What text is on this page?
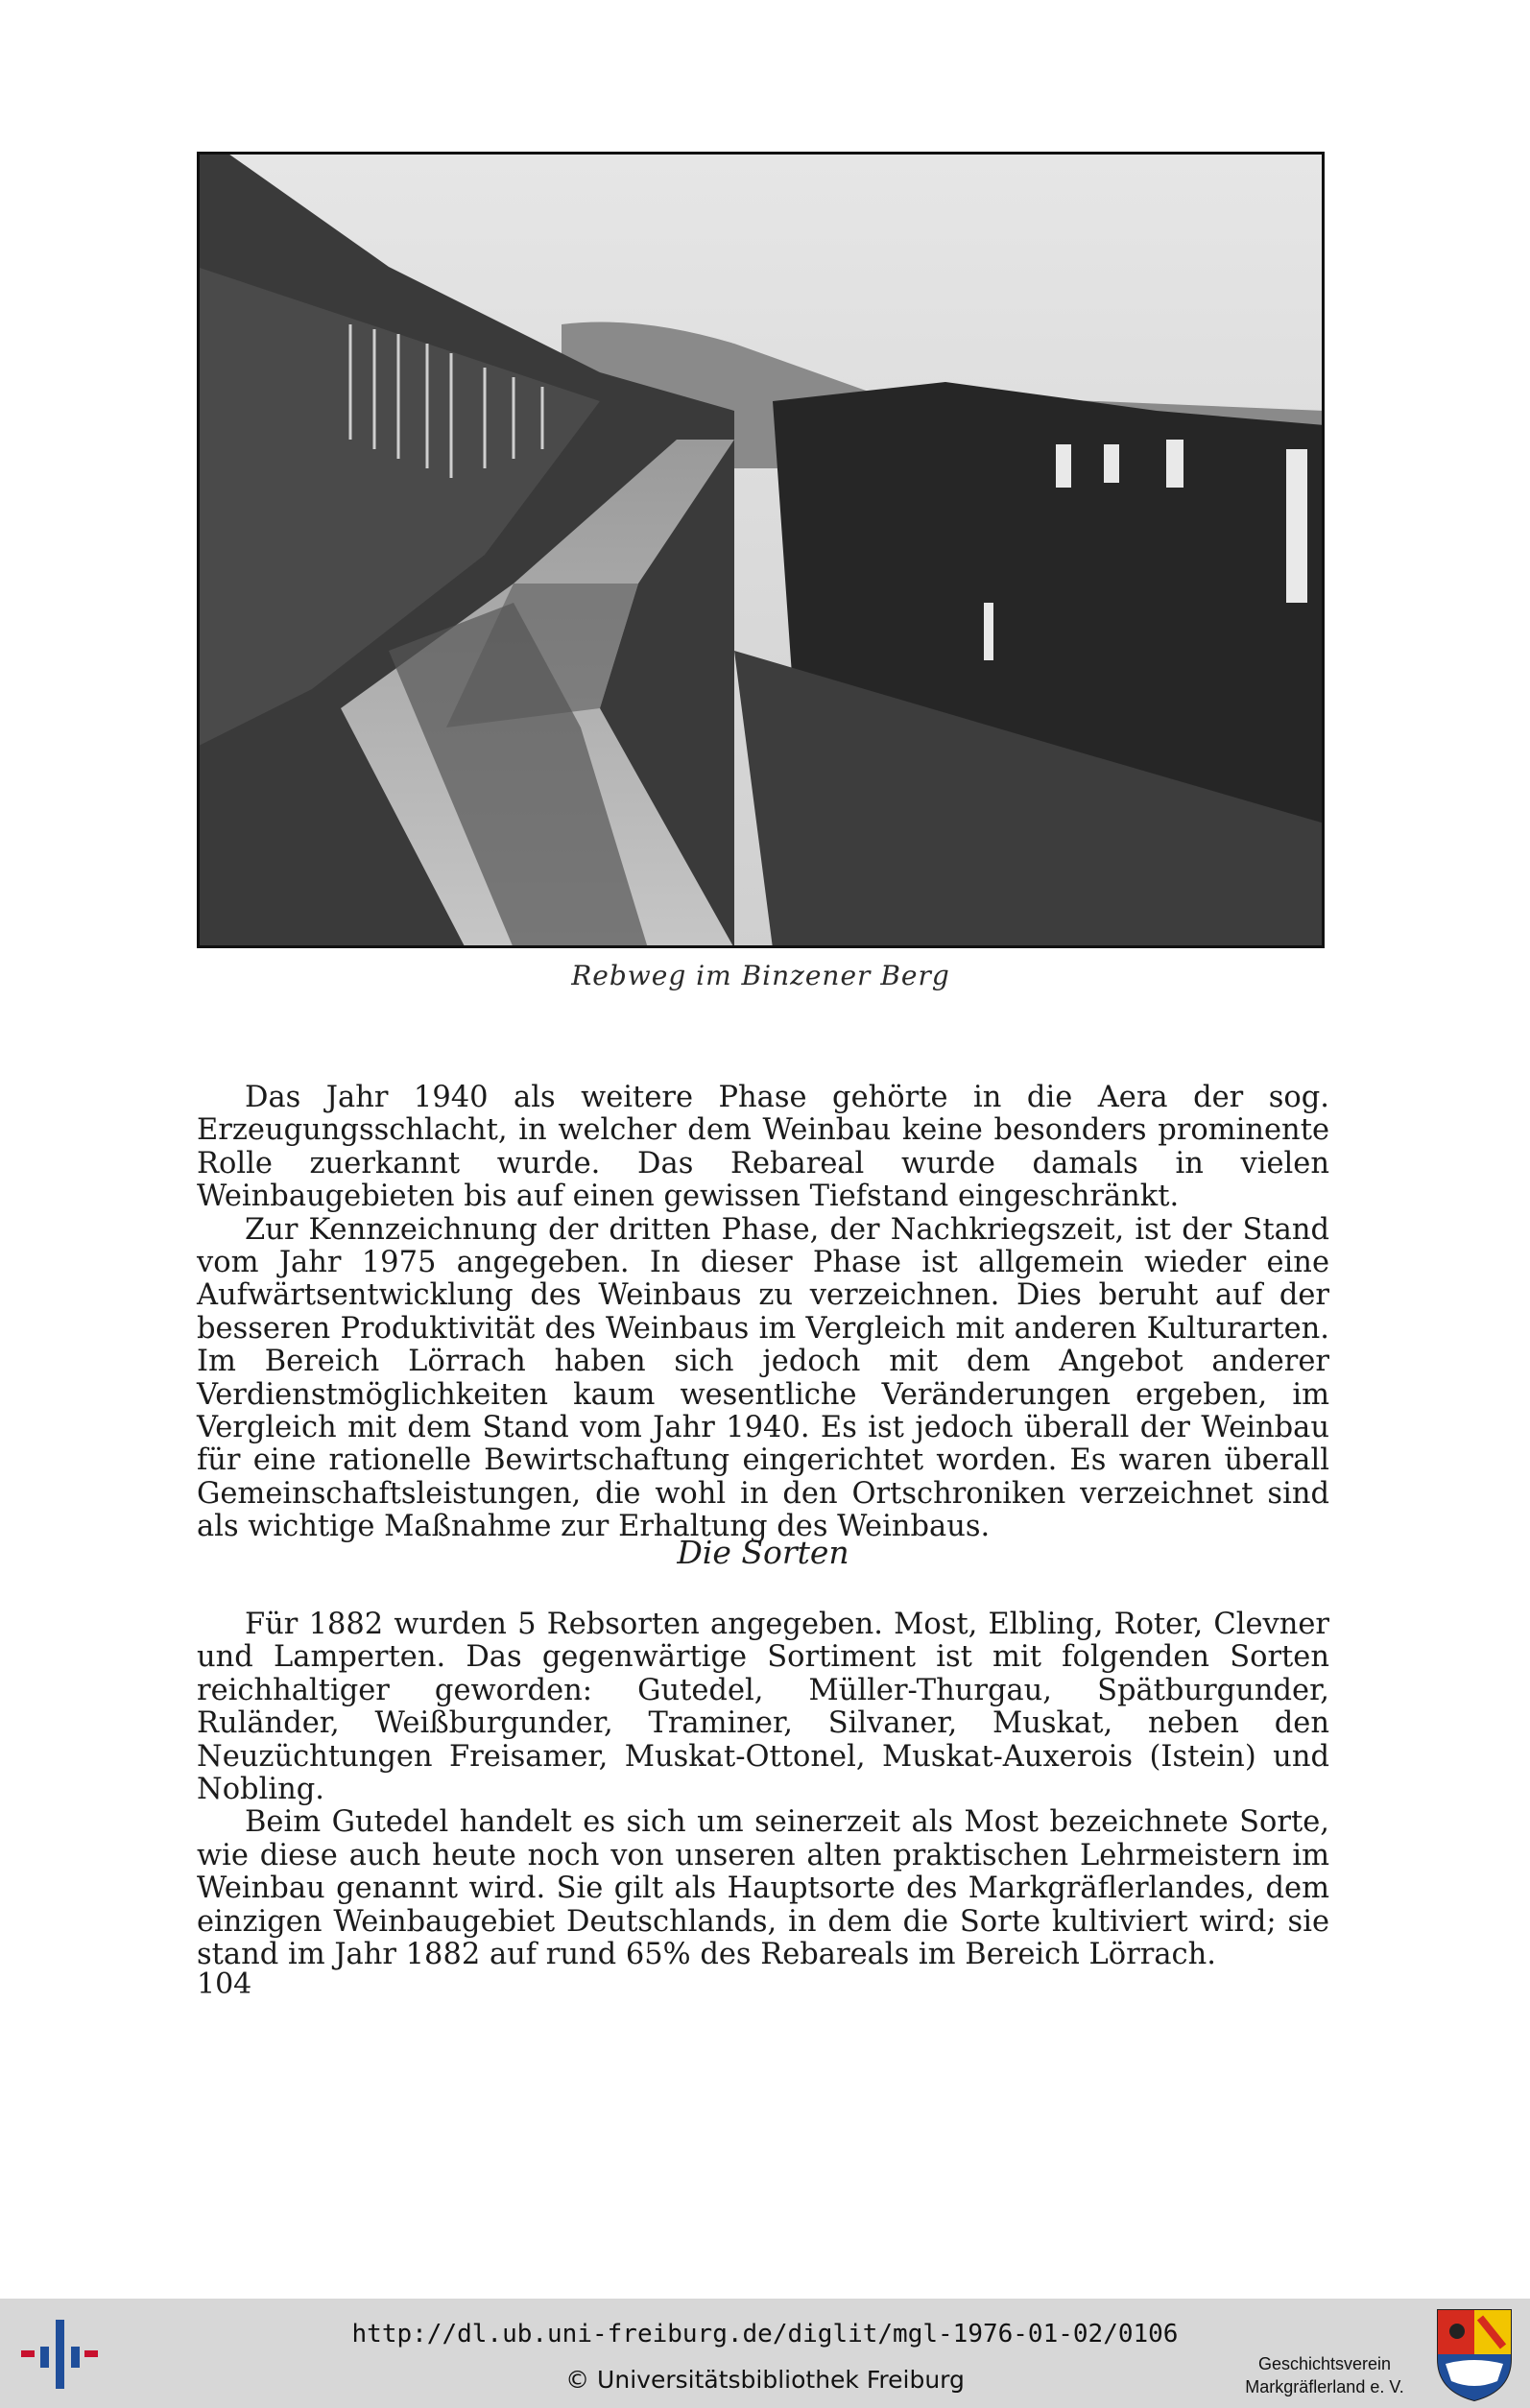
Rebweg im Binzener Berg

Das Jahr 1940 als weitere Phase gehörte in die Aera der sog. Erzeugungsschlacht, in welcher dem Weinbau keine besonders prominente Rolle zuerkannt wurde. Das Rebareal wurde damals in vielen Weinbaugebieten bis auf einen gewissen Tiefstand eingeschränkt.

Zur Kennzeichnung der dritten Phase, der Nachkriegszeit, ist der Stand vom Jahr 1975 angegeben. In dieser Phase ist allgemein wieder eine Aufwärtsentwicklung des Weinbaus zu verzeichnen. Dies beruht auf der besseren Produktivität des Weinbaus im Vergleich mit anderen Kulturarten. Im Bereich Lörrach haben sich jedoch mit dem Angebot anderer Verdienstmöglichkeiten kaum wesentliche Veränderungen ergeben, im Vergleich mit dem Stand vom Jahr 1940. Es ist jedoch überall der Weinbau für eine rationelle Bewirtschaftung eingerichtet worden. Es waren überall Gemeinschaftsleistungen, die wohl in den Ortschroniken verzeichnet sind als wichtige Maßnahme zur Erhaltung des Weinbaus.

Die Sorten

Für 1882 wurden 5 Rebsorten angegeben. Most, Elbling, Roter, Clevner und Lamperten. Das gegenwärtige Sortiment ist mit folgenden Sorten reichhaltiger geworden: Gutedel, Müller-Thurgau, Spätburgunder, Ruländer, Weißburgunder, Traminer, Silvaner, Muskat, neben den Neuzüchtungen Freisamer, Muskat-Ottonel, Muskat-Auxerois (Istein) und Nobling.

Beim Gutedel handelt es sich um seinerzeit als Most bezeichnete Sorte, wie diese auch heute noch von unseren alten praktischen Lehrmeistern im Weinbau genannt wird. Sie gilt als Hauptsorte des Markgräflerlandes, dem einzigen Weinbaugebiet Deutschlands, in dem die Sorte kultiviert wird; sie stand im Jahr 1882 auf rund 65% des Rebareals im Bereich Lörrach.

104
http://dl.ub.uni-freiburg.de/diglit/mgl-1976-01-02/0106
© Universitätsbibliothek Freiburg
Geschichtsverein
Markgräflerland e. V.
